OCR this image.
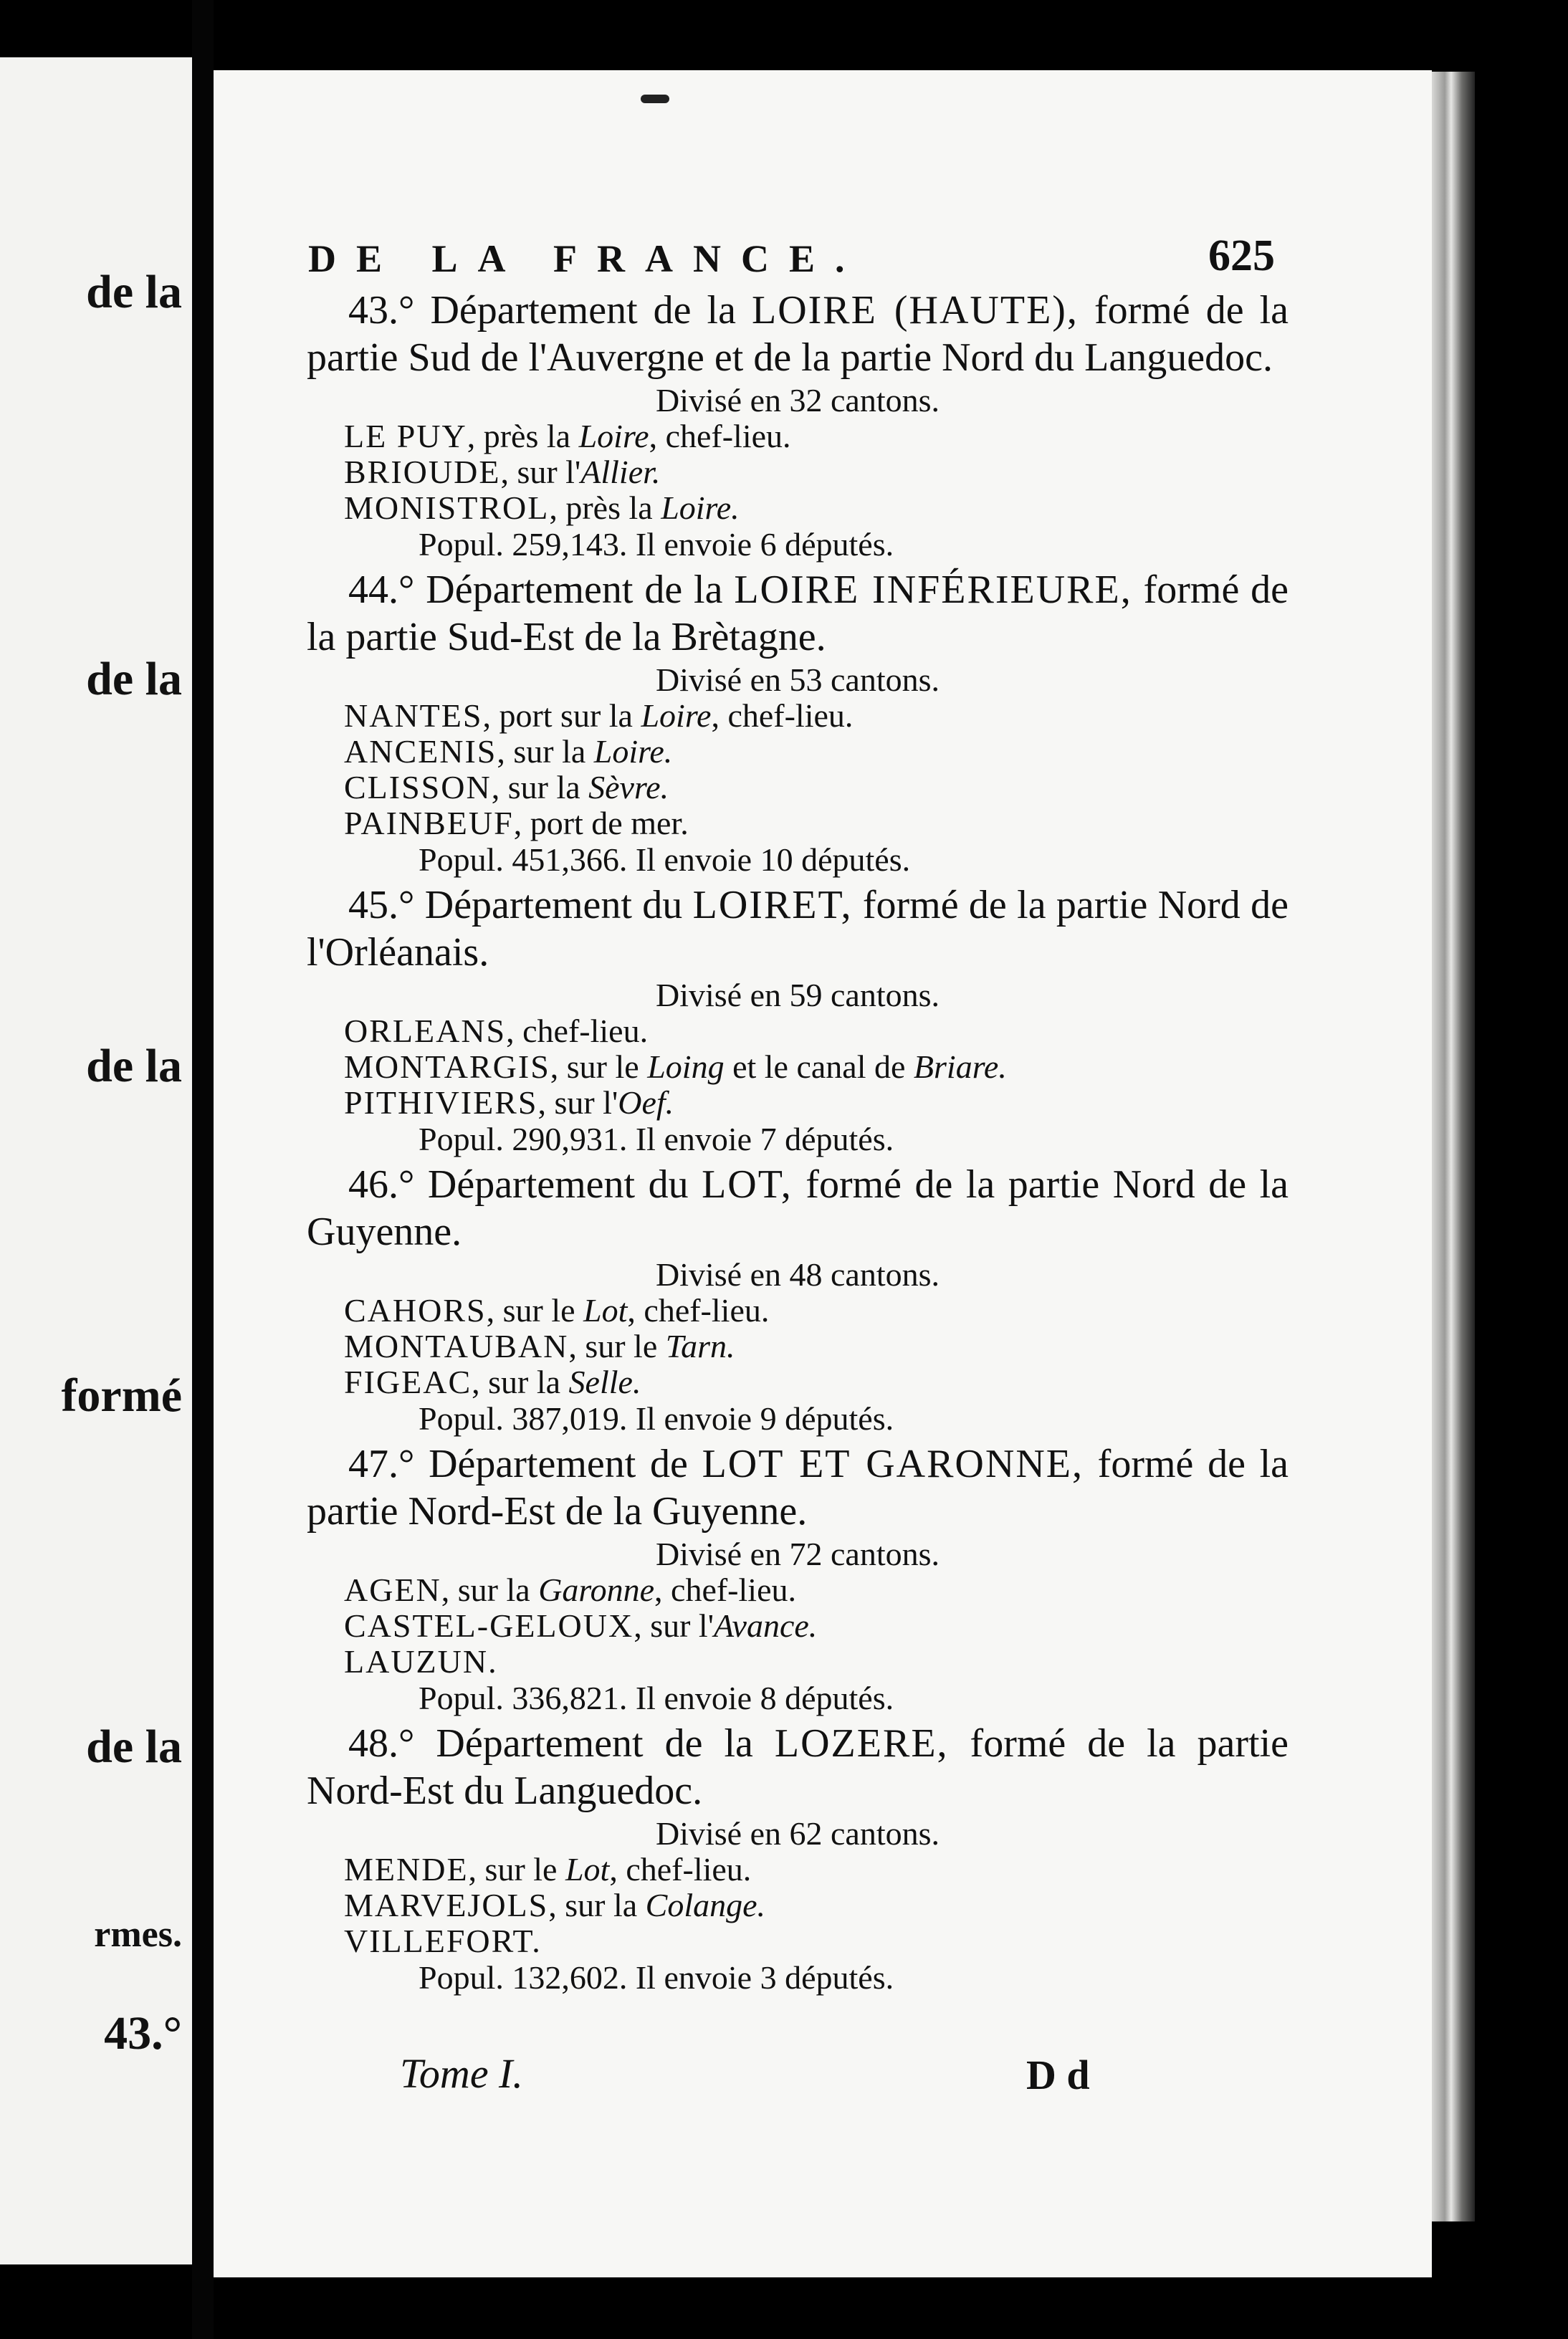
de la
de la
de la
formé
de la
rmes.
43.°
DE LA FRANCE.	625
43.° Département de la LOIRE (HAUTE), formé de la partie Sud de l'Auvergne et de la partie Nord du Languedoc.
Divisé en 32 cantons.
LE PUY, près la Loire, chef-lieu.
BRIOUDE, sur l'Allier.
MONISTROL, près la Loire.
Popul. 259,143. Il envoie 6 députés.
44.° Département de la LOIRE INFÉRIEURE, formé de la partie Sud-Est de la Brètagne.
Divisé en 53 cantons.
NANTES, port sur la Loire, chef-lieu.
ANCENIS, sur la Loire.
CLISSON, sur la Sèvre.
PAINBEUF, port de mer.
Popul. 451,366. Il envoie 10 députés.
45.° Département du LOIRET, formé de la partie Nord de l'Orléanais.
Divisé en 59 cantons.
ORLEANS, chef-lieu.
MONTARGIS, sur le Loing et le canal de Briare.
PITHIVIERS, sur l'Oef.
Popul. 290,931. Il envoie 7 députés.
46.° Département du LOT, formé de la partie Nord de la Guyenne.
Divisé en 48 cantons.
CAHORS, sur le Lot, chef-lieu.
MONTAUBAN, sur le Tarn.
FIGEAC, sur la Selle.
Popul. 387,019. Il envoie 9 députés.
47.° Département de LOT ET GARONNE, formé de la partie Nord-Est de la Guyenne.
Divisé en 72 cantons.
AGEN, sur la Garonne, chef-lieu.
CASTEL-GELOUX, sur l'Avance.
LAUZUN.
Popul. 336,821. Il envoie 8 députés.
48.° Département de la LOZERE, formé de la partie Nord-Est du Languedoc.
Divisé en 62 cantons.
MENDE, sur le Lot, chef-lieu.
MARVEJOLS, sur la Colange.
VILLEFORT.
Popul. 132,602. Il envoie 3 députés.
Tome I.	D d
